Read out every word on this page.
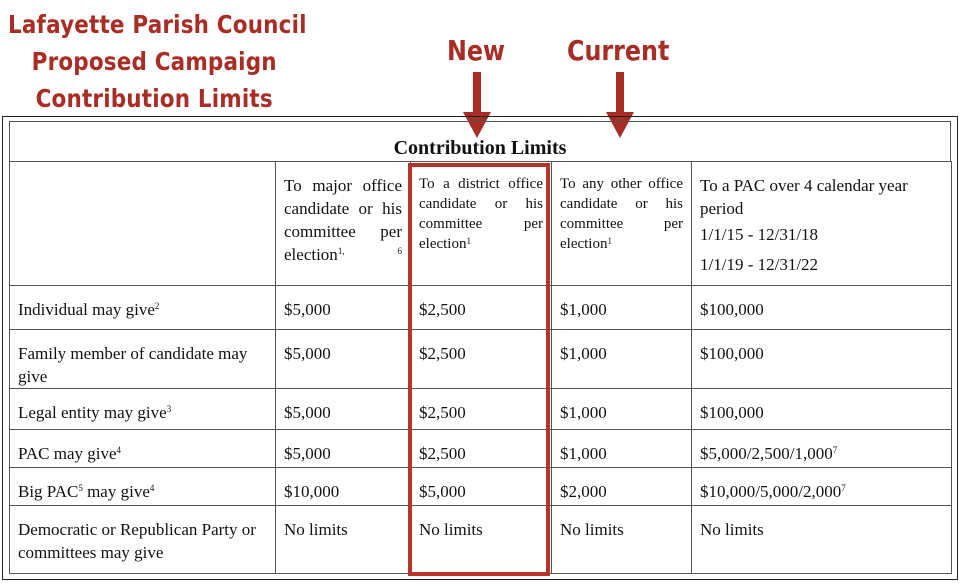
Lafayette Parish Council
Proposed Campaign
Contribution Limits
New Current
Contribution Limits
	To major office candidate or his committee per election$^{1, 6}$	To a district office candidate or his committee per election$^1$	To any other office candidate or his committee per election$^1$	To a PAC over 4 calendar year period
1/1/15 - 12/31/18
1/1/19 - 12/31/22

Individual may give$^2$	$5,000	$2,500	$1,000	$100,000
Family member of candidate may give	$5,000	$2,500	$1,000	$100,000
Legal entity may give$^3$	$5,000	$2,500	$1,000	$100,000
PAC may give$^4$	$5,000	$2,500	$1,000	$5,000/2,500/1,000$^7$
Big PAC$^5$ may give$^4$	$10,000	$5,000	$2,000	$10,000/5,000/2,000$^7$
Democratic or Republican Party or committees may give	No limits	No limits	No limits	No limits
